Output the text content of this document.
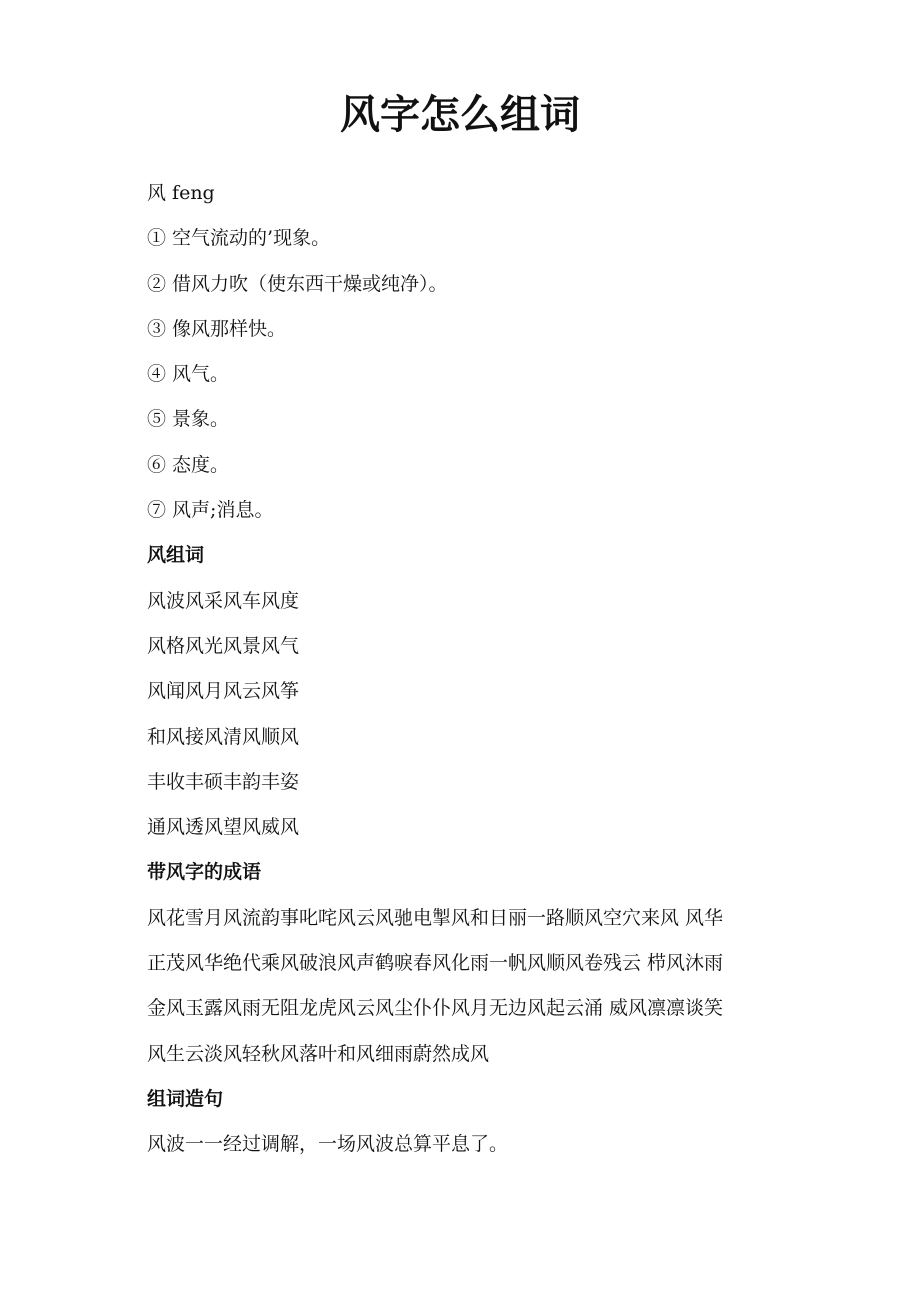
风字怎么组词

风 feng

① 空气流动的’现象。

② 借风力吹（使东西干燥或纯净）。

③ 像风那样快。

④ 风气。

⑤ 景象。

⑥ 态度。

⑦ 风声;消息。

风组词

风波风采风车风度

风格风光风景风气

风闻风月风云风筝

和风接风清风顺风

丰收丰硕丰韵丰姿

通风透风望风威风

带风字的成语

风花雪月风流韵事叱咤风云风驰电掣风和日丽一路顺风空穴来风 风华

正茂风华绝代乘风破浪风声鹤唳春风化雨一帆风顺风卷残云 栉风沐雨

金风玉露风雨无阻龙虎风云风尘仆仆风月无边风起云涌 威风凛凛谈笑

风生云淡风轻秋风落叶和风细雨蔚然成风

组词造句

风波一一经过调解，一场风波总算平息了。
